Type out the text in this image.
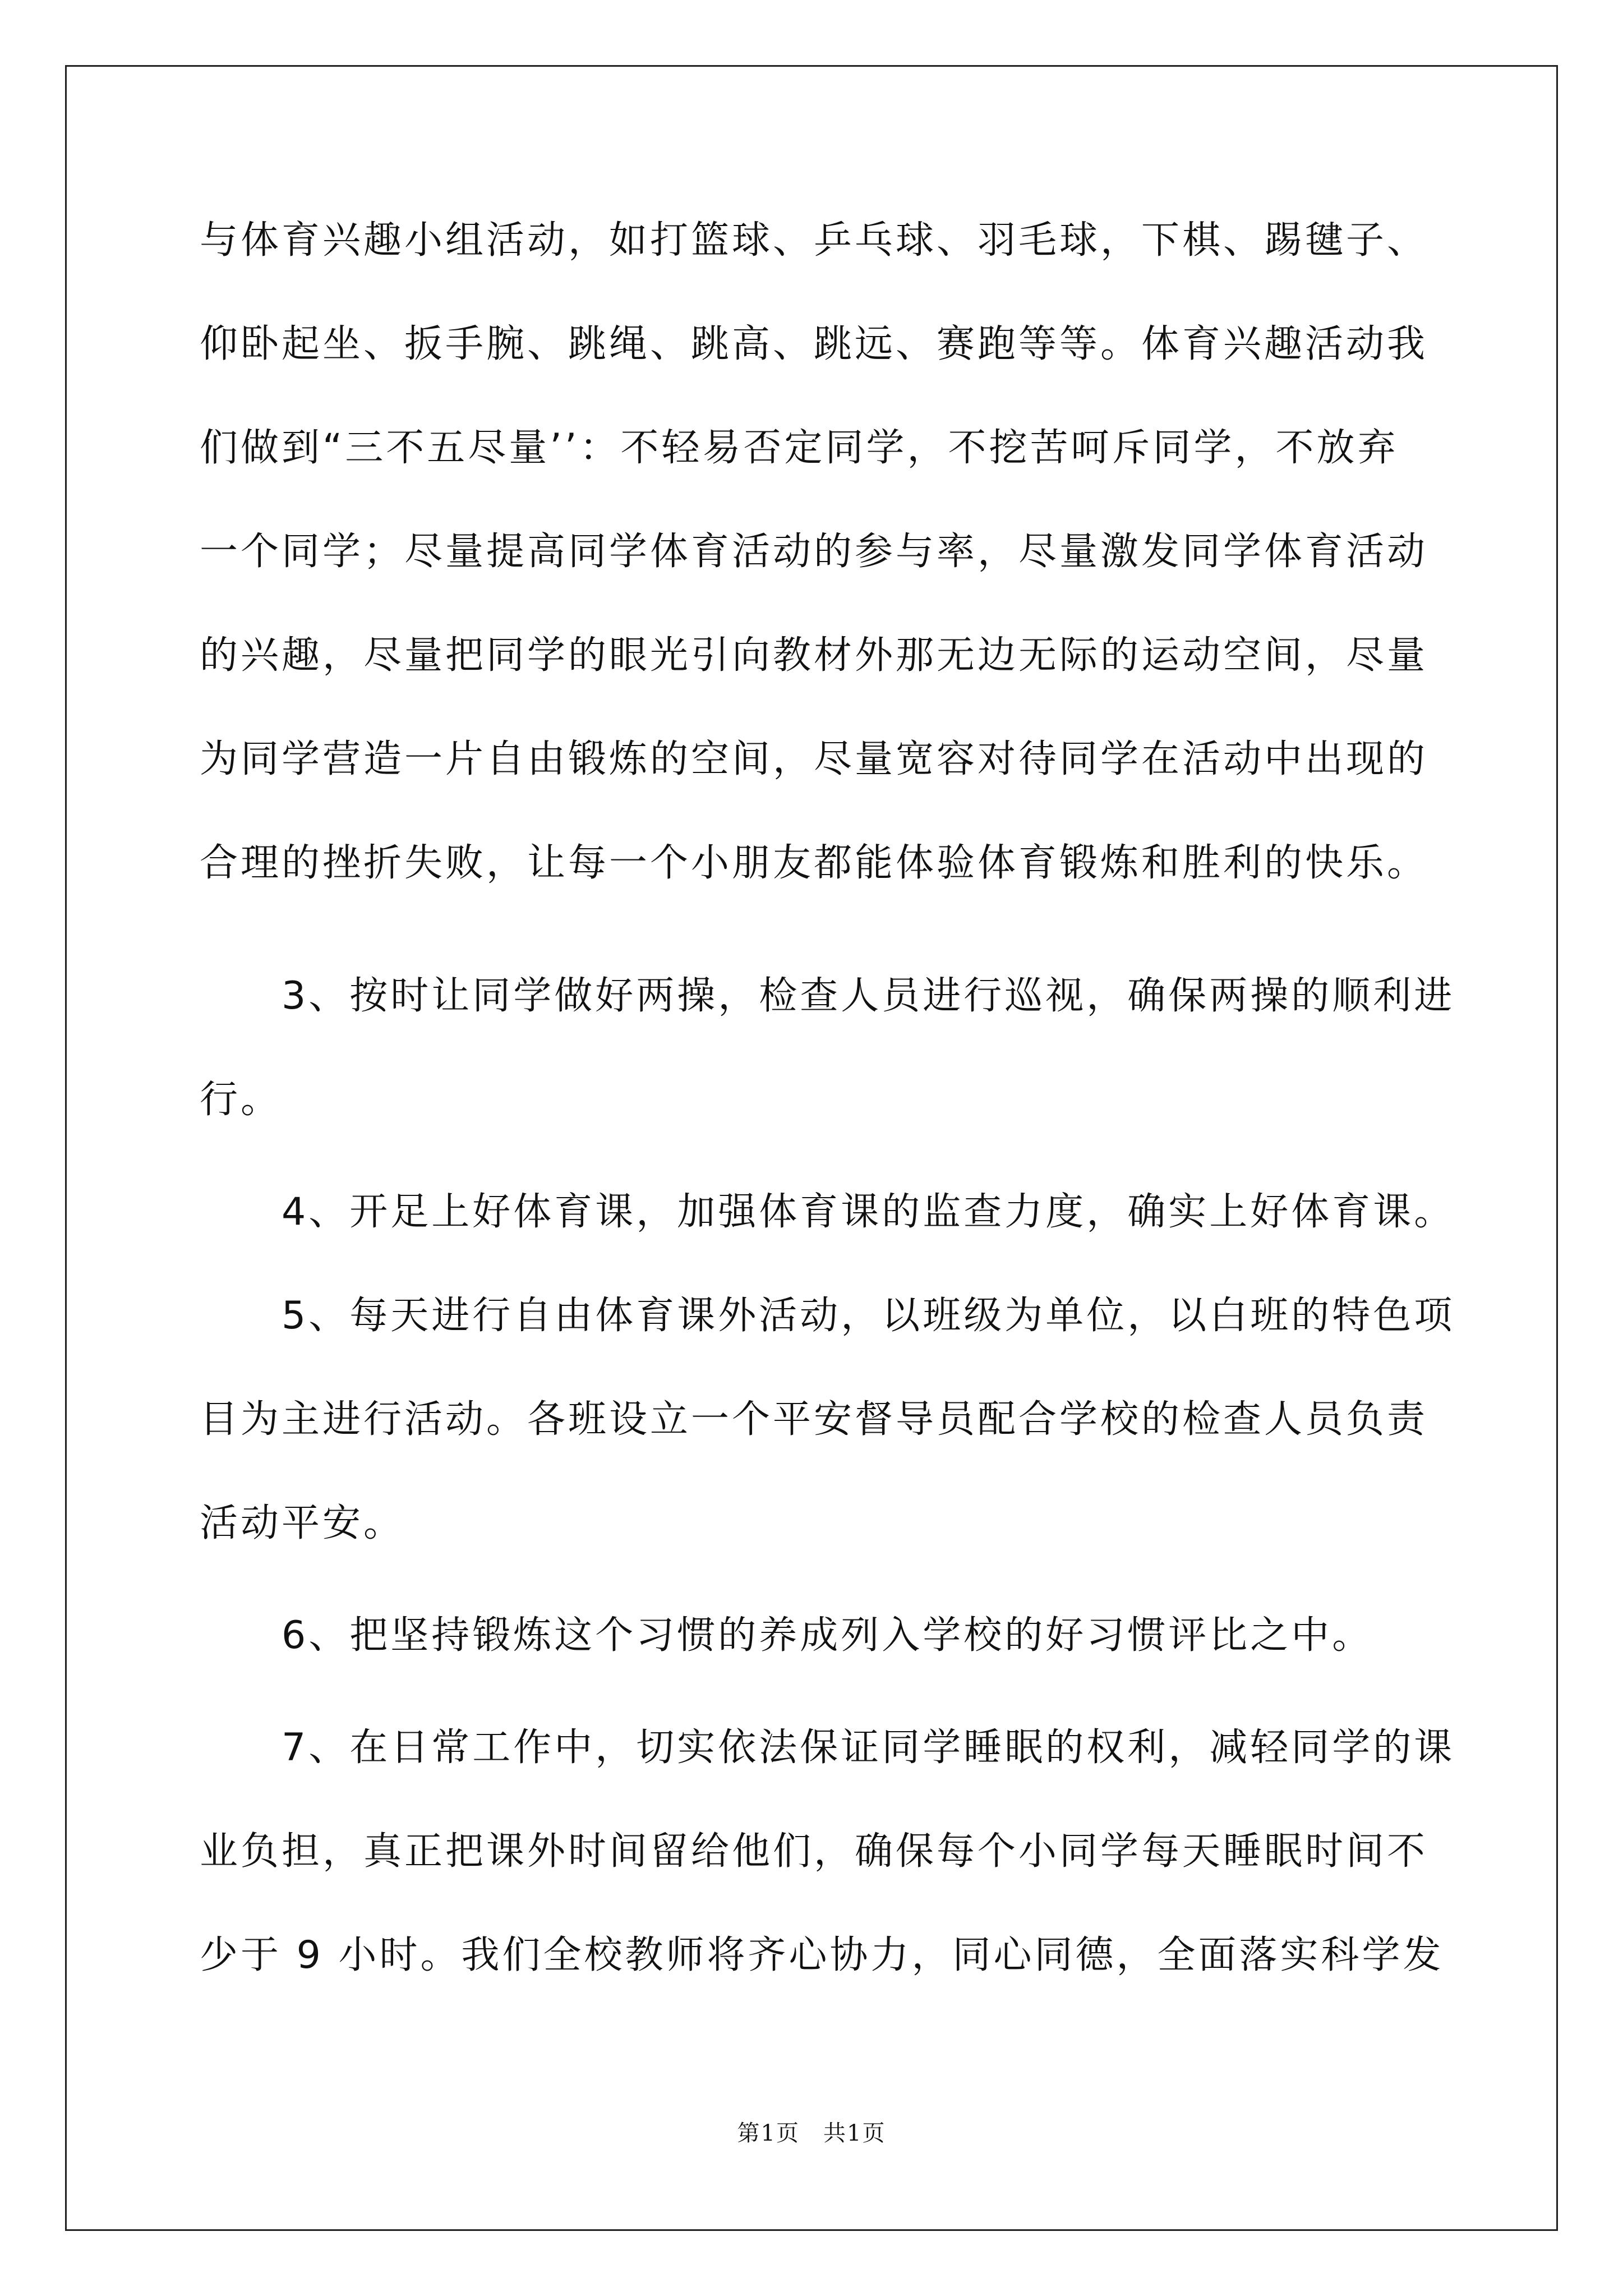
与体育兴趣小组活动，如打篮球、乒乓球、羽毛球，下棋、踢毽子、
仰卧起坐、扳手腕、跳绳、跳高、跳远、赛跑等等。体育兴趣活动我
们做到“三不五尽量’’：不轻易否定同学，不挖苦呵斥同学，不放弃
一个同学；尽量提高同学体育活动的参与率，尽量激发同学体育活动
的兴趣，尽量把同学的眼光引向教材外那无边无际的运动空间，尽量
为同学营造一片自由锻炼的空间，尽量宽容对待同学在活动中出现的
合理的挫折失败，让每一个小朋友都能体验体育锻炼和胜利的快乐。
　　3、按时让同学做好两操，检查人员进行巡视，确保两操的顺利进
行。
　　4、开足上好体育课，加强体育课的监查力度，确实上好体育课。
　　5、每天进行自由体育课外活动，以班级为单位，以白班的特色项
目为主进行活动。各班设立一个平安督导员配合学校的检查人员负责
活动平安。
　　6、把坚持锻炼这个习惯的养成列入学校的好习惯评比之中。
　　7、在日常工作中，切实依法保证同学睡眠的权利，减轻同学的课
业负担，真正把课外时间留给他们，确保每个小同学每天睡眠时间不
少于 9 小时。我们全校教师将齐心协力，同心同德，全面落实科学发
第1页　共1页
